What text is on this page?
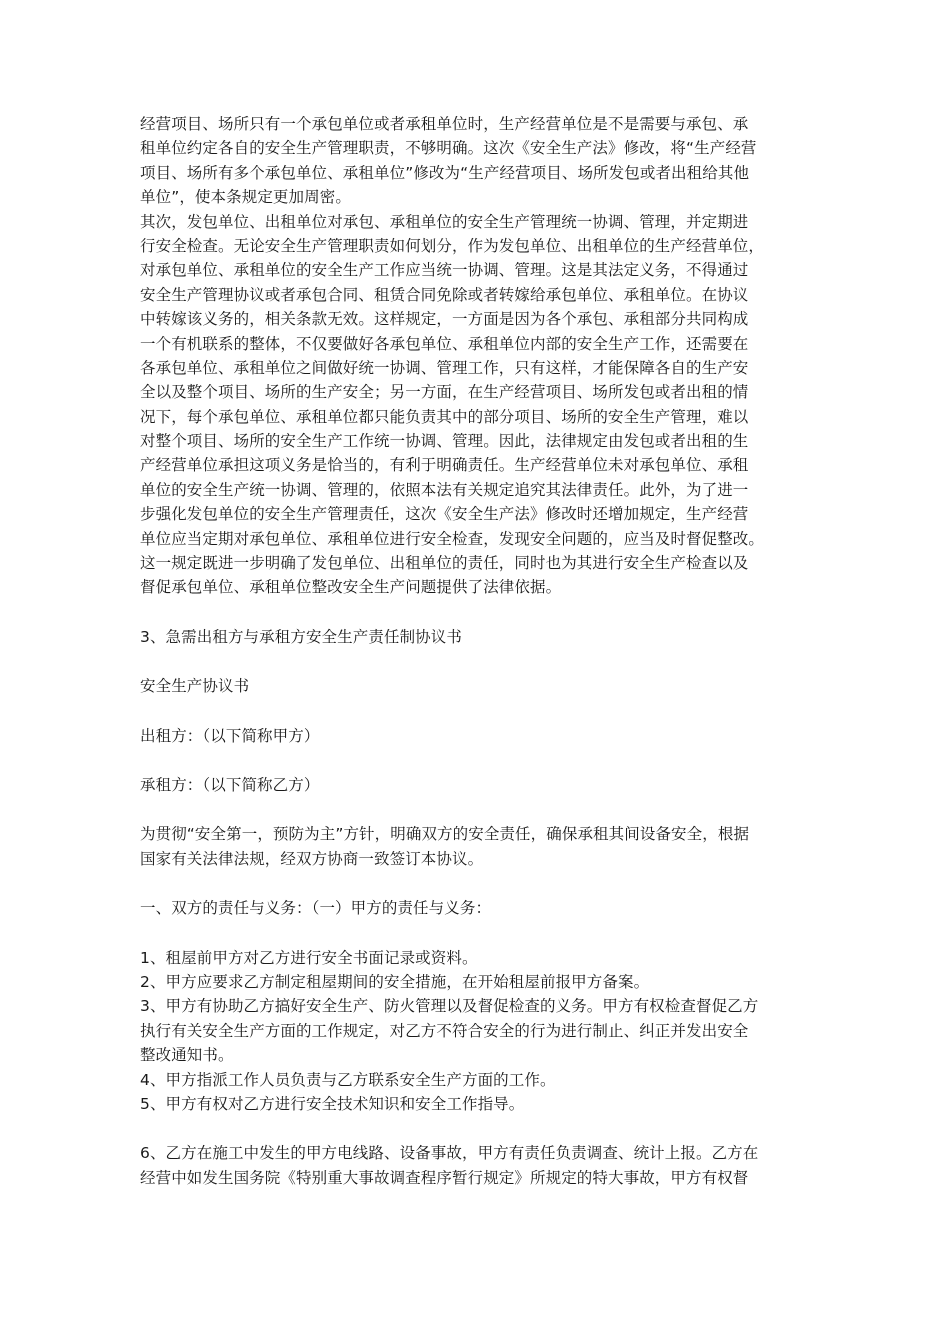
经营项目、场所只有一个承包单位或者承租单位时，生产经营单位是不是需要与承包、承
租单位约定各自的安全生产管理职责，不够明确。这次《安全生产法》修改，将“生产经营
项目、场所有多个承包单位、承租单位”修改为“生产经营项目、场所发包或者出租给其他
单位”，使本条规定更加周密。
其次，发包单位、出租单位对承包、承租单位的安全生产管理统一协调、管理，并定期进
行安全检查。无论安全生产管理职责如何划分，作为发包单位、出租单位的生产经营单位，
对承包单位、承租单位的安全生产工作应当统一协调、管理。这是其法定义务，不得通过
安全生产管理协议或者承包合同、租赁合同免除或者转嫁给承包单位、承租单位。在协议
中转嫁该义务的，相关条款无效。这样规定，一方面是因为各个承包、承租部分共同构成
一个有机联系的整体，不仅要做好各承包单位、承租单位内部的安全生产工作，还需要在
各承包单位、承租单位之间做好统一协调、管理工作，只有这样，才能保障各自的生产安
全以及整个项目、场所的生产安全；另一方面，在生产经营项目、场所发包或者出租的情
况下，每个承包单位、承租单位都只能负责其中的部分项目、场所的安全生产管理，难以
对整个项目、场所的安全生产工作统一协调、管理。因此，法律规定由发包或者出租的生
产经营单位承担这项义务是恰当的，有利于明确责任。生产经营单位未对承包单位、承租
单位的安全生产统一协调、管理的，依照本法有关规定追究其法律责任。此外，为了进一
步强化发包单位的安全生产管理责任，这次《安全生产法》修改时还增加规定，生产经营
单位应当定期对承包单位、承租单位进行安全检查，发现安全问题的，应当及时督促整改。
这一规定既进一步明确了发包单位、出租单位的责任，同时也为其进行安全生产检查以及
督促承包单位、承租单位整改安全生产问题提供了法律依据。
3、急需出租方与承租方安全生产责任制协议书
安全生产协议书
出租方：（以下简称甲方）
承租方：（以下简称乙方）
为贯彻“安全第一，预防为主”方针，明确双方的安全责任，确保承租其间设备安全，根据
国家有关法律法规，经双方协商一致签订本协议。
一、双方的责任与义务：（一）甲方的责任与义务：
1、租屋前甲方对乙方进行安全书面记录或资料。
2、甲方应要求乙方制定租屋期间的安全措施，在开始租屋前报甲方备案。
3、甲方有协助乙方搞好安全生产、防火管理以及督促检查的义务。甲方有权检查督促乙方
执行有关安全生产方面的工作规定，对乙方不符合安全的行为进行制止、纠正并发出安全
整改通知书。
4、甲方指派工作人员负责与乙方联系安全生产方面的工作。
5、甲方有权对乙方进行安全技术知识和安全工作指导。
6、乙方在施工中发生的甲方电线路、设备事故，甲方有责任负责调查、统计上报。乙方在
经营中如发生国务院《特别重大事故调查程序暂行规定》所规定的特大事故，甲方有权督
